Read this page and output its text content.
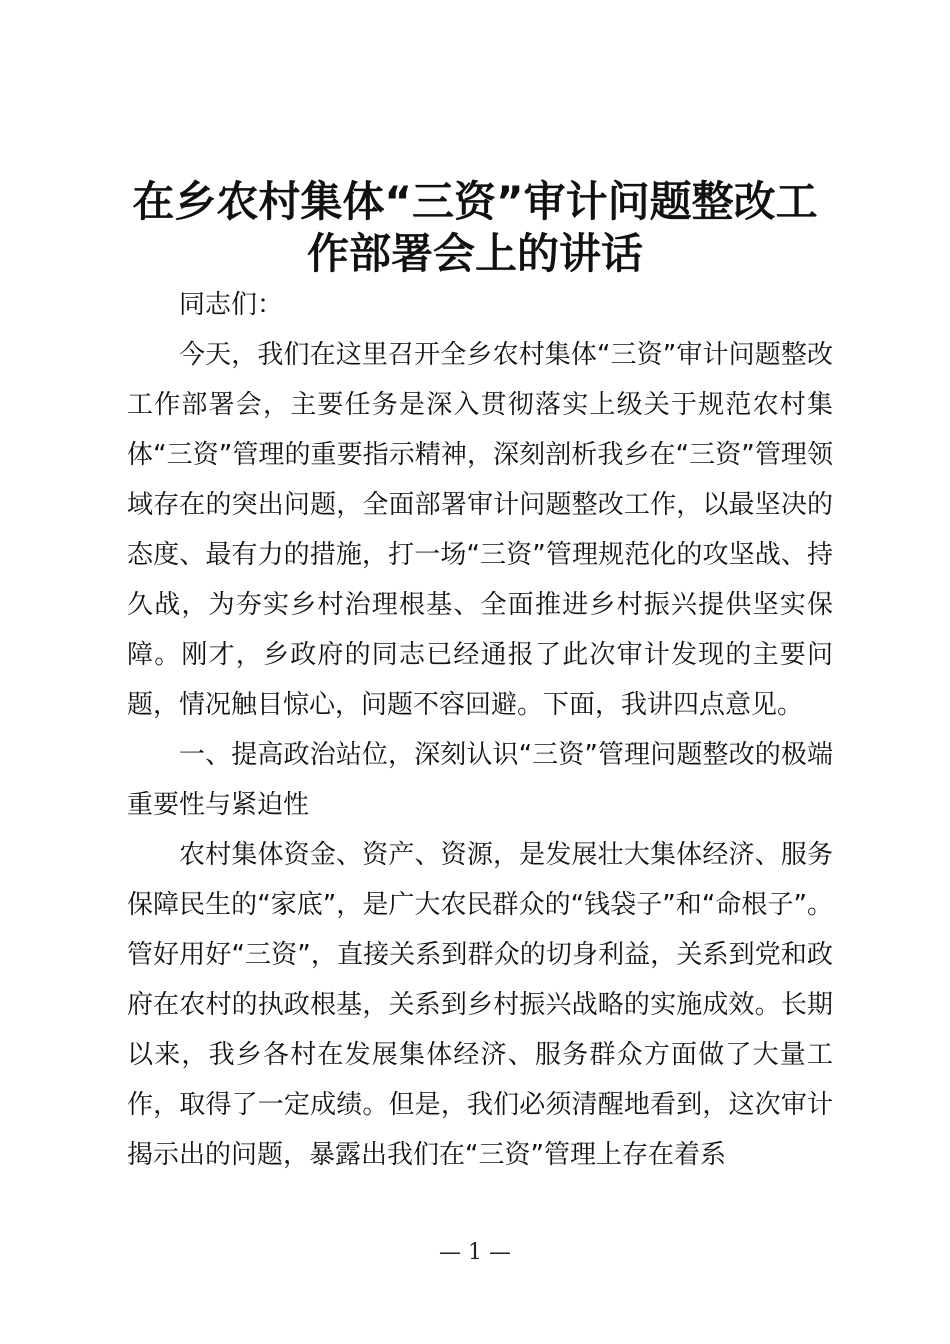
在乡农村集体“三资”审计问题整改工
作部署会上的讲话

同志们：

今天，我们在这里召开全乡农村集体“三资”审计问题整改工作部署会，主要任务是深入贯彻落实上级关于规范农村集体“三资”管理的重要指示精神，深刻剖析我乡在“三资”管理领域存在的突出问题，全面部署审计问题整改工作，以最坚决的态度、最有力的措施，打一场“三资”管理规范化的攻坚战、持久战，为夯实乡村治理根基、全面推进乡村振兴提供坚实保障。刚才，乡政府的同志已经通报了此次审计发现的主要问题，情况触目惊心，问题不容回避。下面，我讲四点意见。

一、提高政治站位，深刻认识“三资”管理问题整改的极端重要性与紧迫性

农村集体资金、资产、资源，是发展壮大集体经济、服务保障民生的“家底”，是广大农民群众的“钱袋子”和“命根子”。管好用好“三资”，直接关系到群众的切身利益，关系到党和政府在农村的执政根基，关系到乡村振兴战略的实施成效。长期以来，我乡各村在发展集体经济、服务群众方面做了大量工作，取得了一定成绩。但是，我们必须清醒地看到，这次审计揭示出的问题，暴露出我们在“三资”管理上存在着系

— 1 —
